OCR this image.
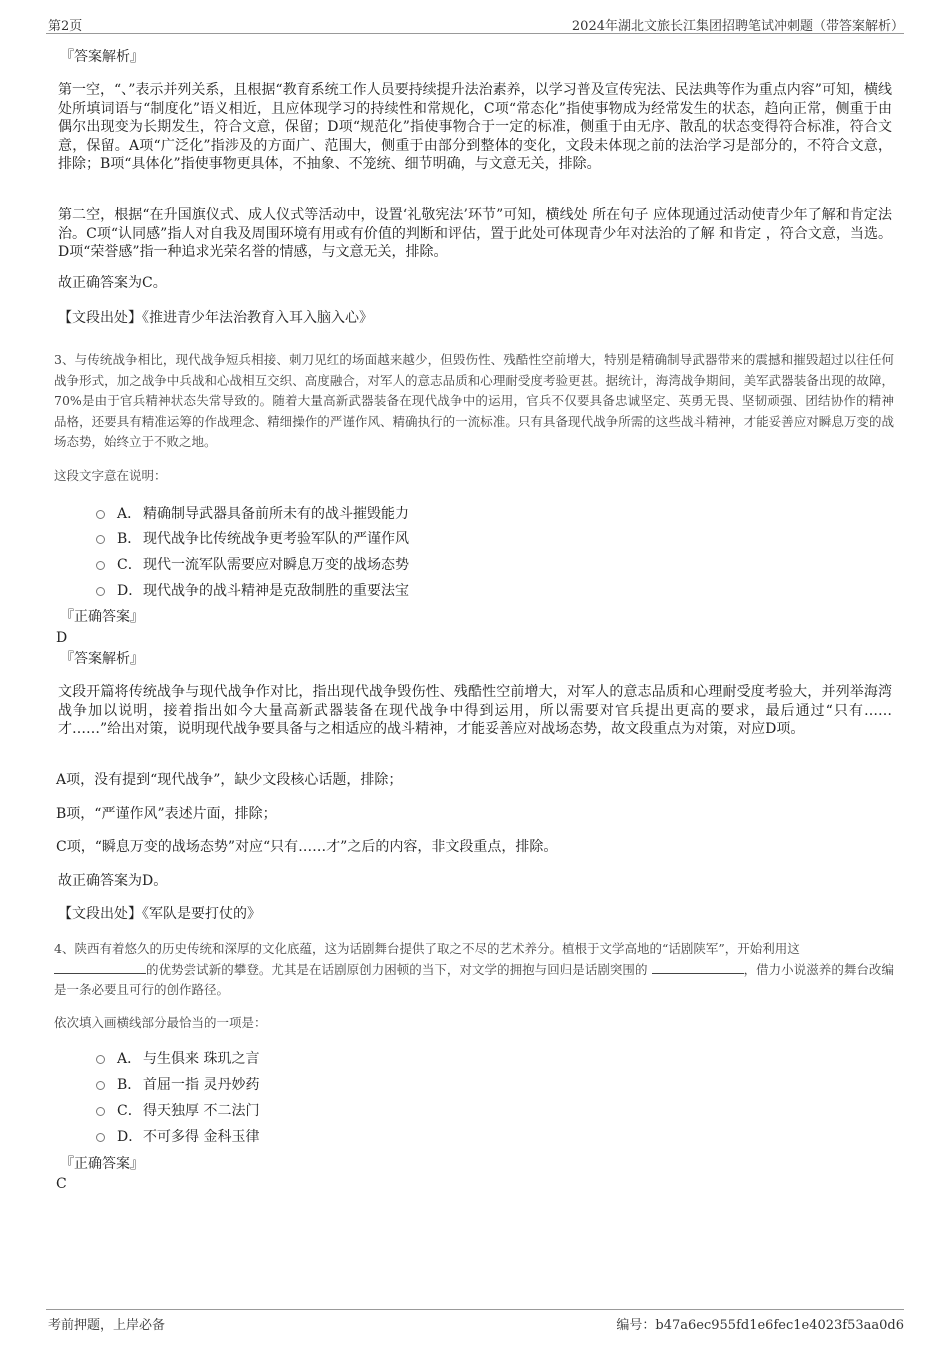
第2页	2024年湖北文旅长江集团招聘笔试冲刺题（带答案解析）
『答案解析』
第一空，“、”表示并列关系，且根据“教育系统工作人员要持续提升法治素养，以学习普及宣传宪法、民法典等作为重点内容”可知，横线处所填词语与“制度化”语义相近，且应体现学习的持续性和常规化，C项“常态化”指使事物成为经常发生的状态，趋向正常，侧重于由偶尔出现变为长期发生，符合文意，保留；D项“规范化”指使事物合于一定的标准，侧重于由无序、散乱的状态变得符合标准，符合文意，保留。A项“广泛化”指涉及的方面广、范围大，侧重于由部分到整体的变化，文段未体现之前的法治学习是部分的，不符合文意，排除；B项“具体化”指使事物更具体，不抽象、不笼统、细节明确，与文意无关，排除。
第二空，根据“在升国旗仪式、成人仪式等活动中，设置‘礼敬宪法’环节”可知，横线处 所在句子 应体现通过活动使青少年了解和肯定法治。C项“认同感”指人对自我及周围环境有用或有价值的判断和评估，置于此处可体现青少年对法治的了解 和肯定 ，符合文意，当选。D项“荣誉感”指一种追求光荣名誉的情感，与文意无关，排除。
故正确答案为C。
【文段出处】《推进青少年法治教育入耳入脑入心》
3、与传统战争相比，现代战争短兵相接、刺刀见红的场面越来越少，但毁伤性、残酷性空前增大，特别是精确制导武器带来的震撼和摧毁超过以往任何战争形式，加之战争中兵战和心战相互交织、高度融合，对军人的意志品质和心理耐受度考验更甚。据统计，海湾战争期间，美军武器装备出现的故障，70%是由于官兵精神状态失常导致的。随着大量高新武器装备在现代战争中的运用，官兵不仅要具备忠诚坚定、英勇无畏、坚韧顽强、团结协作的精神品格，还要具有精准运筹的作战理念、精细操作的严谨作风、精确执行的一流标准。只有具备现代战争所需的这些战斗精神，才能妥善应对瞬息万变的战场态势，始终立于不败之地。
这段文字意在说明：
A． 精确制导武器具备前所未有的战斗摧毁能力
B． 现代战争比传统战争更考验军队的严谨作风
C． 现代一流军队需要应对瞬息万变的战场态势
D． 现代战争的战斗精神是克敌制胜的重要法宝
『正确答案』
D
『答案解析』
文段开篇将传统战争与现代战争作对比，指出现代战争毁伤性、残酷性空前增大，对军人的意志品质和心理耐受度考验大，并列举海湾战争加以说明，接着指出如今大量高新武器装备在现代战争中得到运用，所以需要对官兵提出更高的要求，最后通过“只有……才……”给出对策，说明现代战争要具备与之相适应的战斗精神，才能妥善应对战场态势，故文段重点为对策，对应D项。
A项，没有提到“现代战争”，缺少文段核心话题，排除；
B项，“严谨作风”表述片面，排除；
C项，“瞬息万变的战场态势”对应“只有……才”之后的内容，非文段重点，排除。
故正确答案为D。
【文段出处】《军队是要打仗的》
4、陕西有着悠久的历史传统和深厚的文化底蕴，这为话剧舞台提供了取之不尽的艺术养分。植根于文学高地的“话剧陕军”，开始利用这
的优势尝试新的攀登。尤其是在话剧原创力困顿的当下，对文学的拥抱与回归是话剧突围的	，借力小说滋养的舞台改编是一条必要且可行的创作路径。
依次填入画横线部分最恰当的一项是：
A． 与生俱来 珠玑之言
B． 首屈一指 灵丹妙药
C． 得天独厚 不二法门
D． 不可多得 金科玉律
『正确答案』
C
考前押题，上岸必备	编号：b47a6ec955fd1e6fec1e4023f53aa0d6
